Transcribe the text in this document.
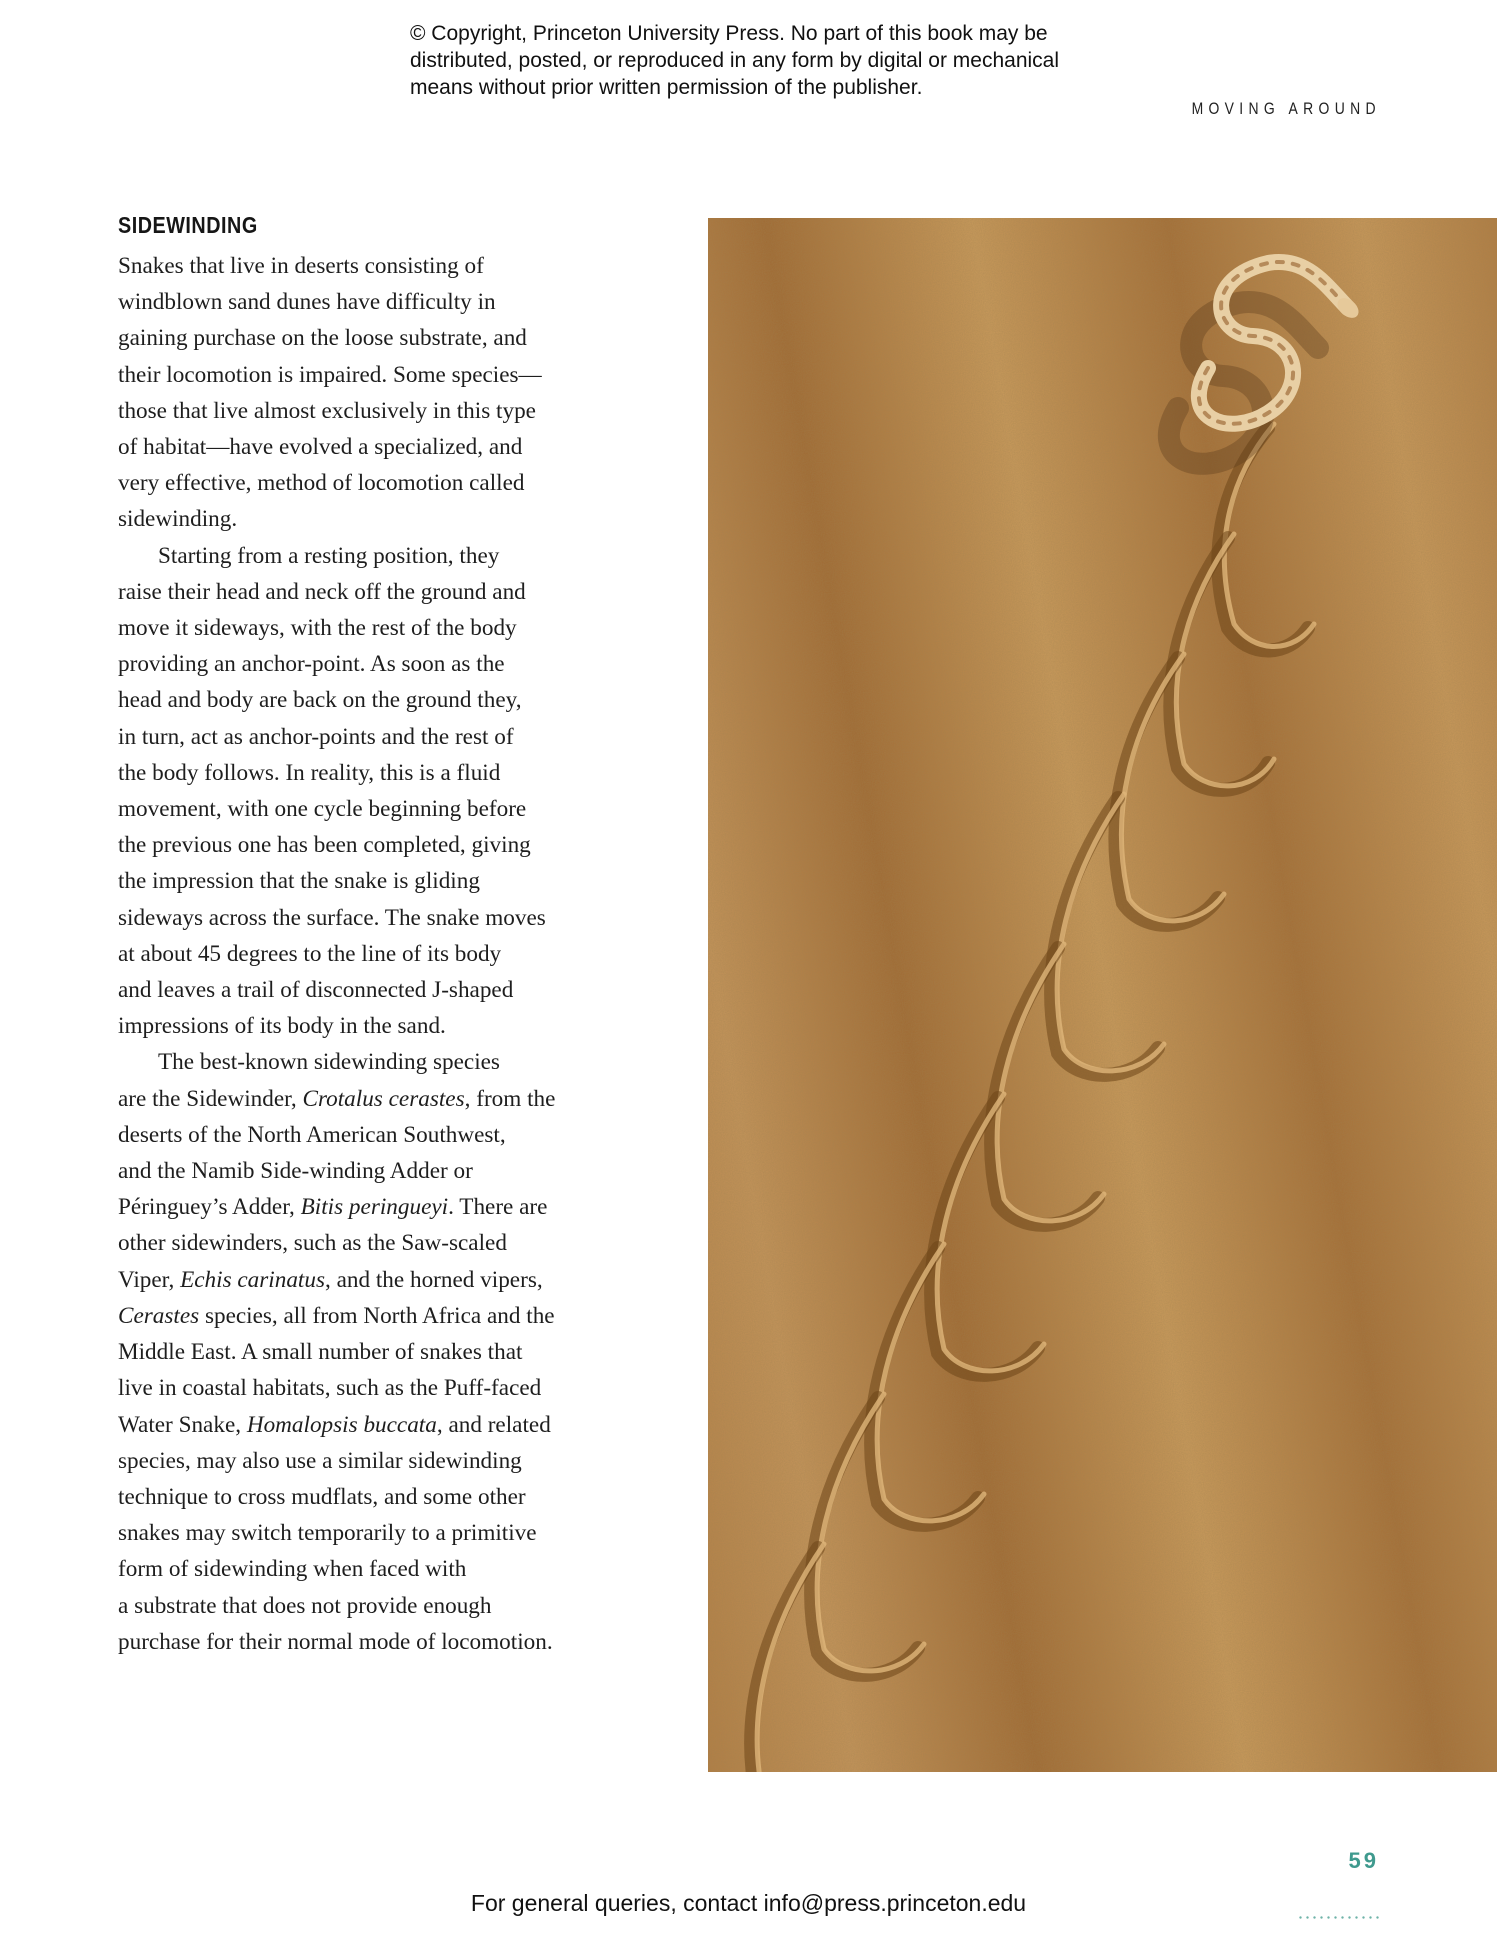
© Copyright, Princeton University Press. No part of this book may be
distributed, posted, or reproduced in any form by digital or mechanical
means without prior written permission of the publisher.
MOVING AROUND
SIDEWINDING

Snakes that live in deserts consisting of
windblown sand dunes have difficulty in
gaining purchase on the loose substrate, and
their locomotion is impaired. Some species—
those that live almost exclusively in this type
of habitat—have evolved a specialized, and
very effective, method of locomotion called
sidewinding.

Starting from a resting position, they
raise their head and neck off the ground and
move it sideways, with the rest of the body
providing an anchor-point. As soon as the
head and body are back on the ground they,
in turn, act as anchor-points and the rest of
the body follows. In reality, this is a fluid
movement, with one cycle beginning before
the previous one has been completed, giving
the impression that the snake is gliding
sideways across the surface. The snake moves
at about 45 degrees to the line of its body
and leaves a trail of disconnected J-shaped
impressions of its body in the sand.

The best-known sidewinding species
are the Sidewinder, Crotalus cerastes, from the
deserts of the North American Southwest,
and the Namib Side-winding Adder or
Péringuey’s Adder, Bitis peringueyi. There are
other sidewinders, such as the Saw-scaled
Viper, Echis carinatus, and the horned vipers,
Cerastes species, all from North Africa and the
Middle East. A small number of snakes that
live in coastal habitats, such as the Puff-faced
Water Snake, Homalopsis buccata, and related
species, may also use a similar sidewinding
technique to cross mudflats, and some other
snakes may switch temporarily to a primitive
form of sidewinding when faced with
a substrate that does not provide enough
purchase for their normal mode of locomotion.

59
For general queries, contact info@press.princeton.edu
